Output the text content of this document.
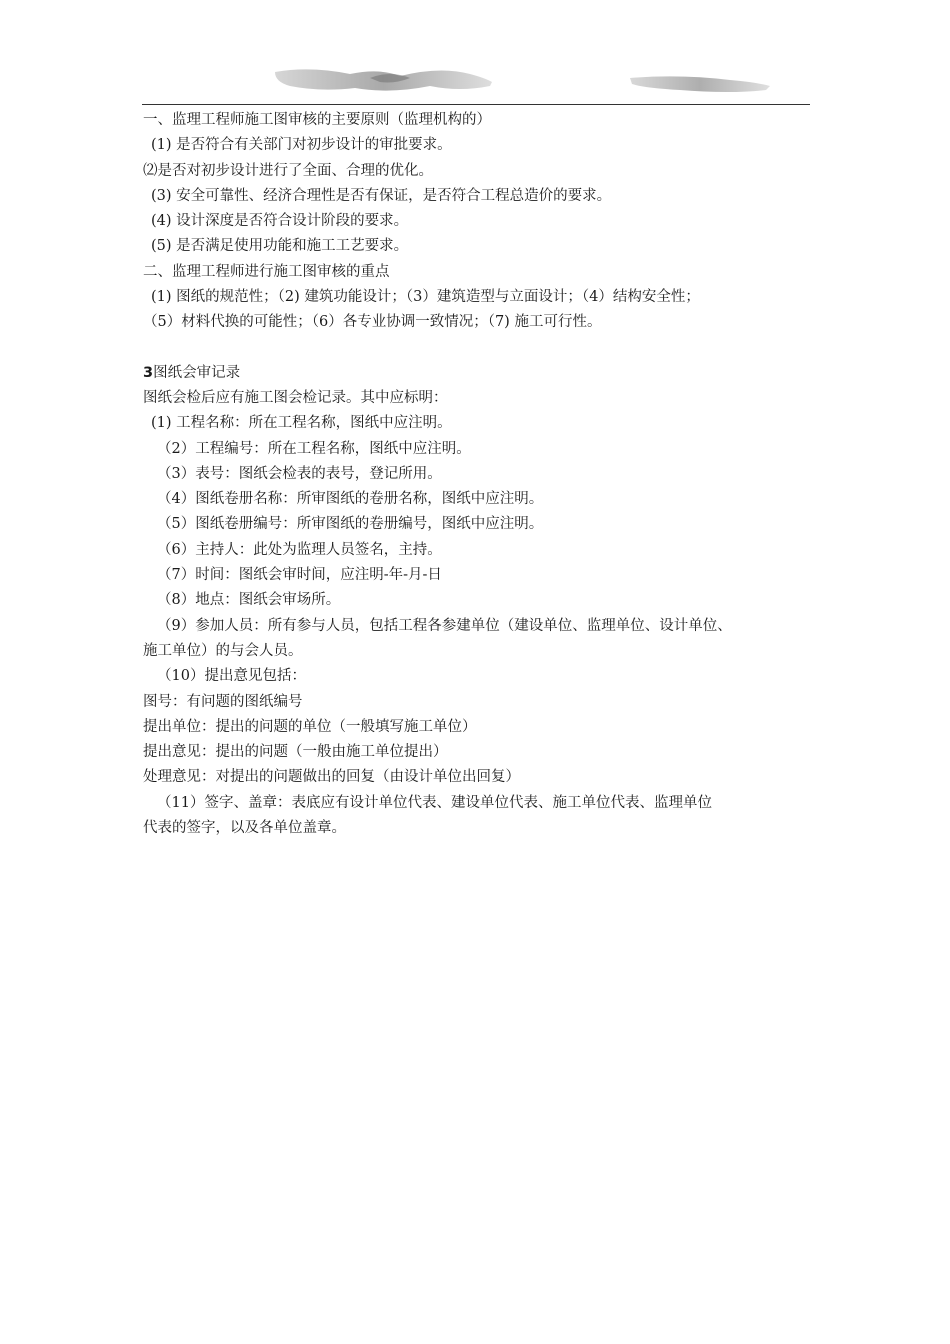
一、监理工程师施工图审核的主要原则（监理机构的）
(1) 是否符合有关部门对初步设计的审批要求。
⑵是否对初步设计进行了全面、合理的优化。
(3) 安全可靠性、经济合理性是否有保证，是否符合工程总造价的要求。
(4) 设计深度是否符合设计阶段的要求。
(5) 是否满足使用功能和施工工艺要求。
二、监理工程师进行施工图审核的重点
(1) 图纸的规范性；（2) 建筑功能设计；（3）建筑造型与立面设计；（4）结构安全性；
（5）材料代换的可能性；（6）各专业协调一致情况；（7) 施工可行性。
3图纸会审记录
图纸会检后应有施工图会检记录。其中应标明：
(1) 工程名称：所在工程名称，图纸中应注明。
（2）工程编号：所在工程名称，图纸中应注明。
（3）表号：图纸会检表的表号，登记所用。
（4）图纸卷册名称：所审图纸的卷册名称，图纸中应注明。
（5）图纸卷册编号：所审图纸的卷册编号，图纸中应注明。
（6）主持人：此处为监理人员签名，主持。
（7）时间：图纸会审时间，应注明-年-月-日
（8）地点：图纸会审场所。
（9）参加人员：所有参与人员，包括工程各参建单位（建设单位、监理单位、设计单位、
施工单位）的与会人员。
（10）提出意见包括：
图号：有问题的图纸编号
提出单位：提出的问题的单位（一般填写施工单位）
提出意见：提出的问题（一般由施工单位提出）
处理意见：对提出的问题做出的回复（由设计单位出回复）
（11）签字、盖章：表底应有设计单位代表、建设单位代表、施工单位代表、监理单位
代表的签字，以及各单位盖章。
